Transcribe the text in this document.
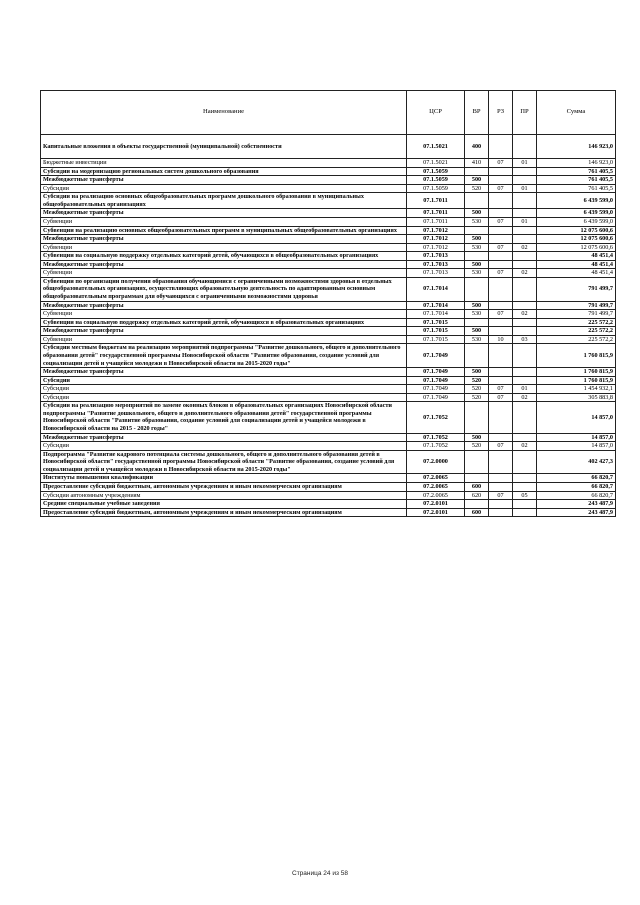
Наименование	ЦСР	ВР	РЗ	ПР	Сумма
Капитальные вложения в объекты государственной (муниципальной) собственности	07.1.5021	400			146 923,0
Бюджетные инвестиции	07.1.5021	410	07	01	146 923,0
Субсидии на модернизацию региональных систем дошкольного образования	07.1.5059				761 405,5
Межбюджетные трансферты	07.1.5059	500			761 405,5
Субсидии	07.1.5059	520	07	01	761 405,5
Субсидии на реализацию основных общеобразовательных программ дошкольного образования в муниципальных общеобразовательных организациях	07.1.7011				6 439 599,0
Межбюджетные трансферты	07.1.7011	500			6 439 599,0
Субвенции	07.1.7011	530	07	01	6 439 599,0
Субвенции на реализацию основных общеобразовательных программ в муниципальных общеобразовательных организациях	07.1.7012				12 075 600,6
Межбюджетные трансферты	07.1.7012	500			12 075 600,6
Субвенции	07.1.7012	530	07	02	12 075 600,6
Субвенции на социальную поддержку отдельных категорий детей, обучающихся в общеобразовательных организациях	07.1.7013				48 451,4
Межбюджетные трансферты	07.1.7013	500			48 451,4
Субвенции	07.1.7013	530	07	02	48 451,4
Субвенции по организации получения образования обучающимися с ограниченными возможностями здоровья в отдельных общеобразовательных организациях, осуществляющих образовательную деятельность по адаптированным основным общеобразовательным программам для обучающихся с ограниченными возможностями здоровья	07.1.7014				791 499,7
Межбюджетные трансферты	07.1.7014	500			791 499,7
Субвенции	07.1.7014	530	07	02	791 499,7
Субвенции на социальную поддержку отдельных категорий детей, обучающихся в образовательных организациях	07.1.7015				225 572,2
Межбюджетные трансферты	07.1.7015	500			225 572,2
Субвенции	07.1.7015	530	10	03	225 572,2
Субсидии местным бюджетам на реализацию мероприятий подпрограммы "Развитие дошкольного, общего и дополнительного образования детей" государственной программы Новосибирской области "Развитие образования, создание условий для социализации детей и учащейся молодежи в Новосибирской области на 2015-2020 годы"	07.1.7049				1 760 815,9
Межбюджетные трансферты	07.1.7049	500			1 760 815,9
Субсидии	07.1.7049	520			1 760 815,9
Субсидии	07.1.7049	520	07	01	1 454 932,1
Субсидии	07.1.7049	520	07	02	305 883,8
Субсидии на реализацию мероприятий по замене оконных блоков в образовательных организациях Новосибирской области подпрограммы "Развитие дошкольного, общего и дополнительного образования детей" государственной программы Новосибирской области "Развитие образования, создание условий для социализации детей и учащейся молодежи в Новосибирской области на 2015 - 2020 годы"	07.1.7052				14 857,0
Межбюджетные трансферты	07.1.7052	500			14 857,0
Субсидии	07.1.7052	520	07	02	14 857,0
Подпрограмма "Развитие кадрового потенциала системы дошкольного, общего и дополнительного образования детей в Новосибирской области" государственной программы Новосибирской области "Развитие образования, создание условий для социализации детей и учащейся молодежи в Новосибирской области на 2015-2020 годы"	07.2.0000				402 427,3
Институты повышения квалификации	07.2.0065				66 820,7
Предоставление субсидий бюджетным, автономным учреждениям и иным некоммерческим организациям	07.2.0065	600			66 820,7
Субсидии автономным учреждениям	07.2.0065	620	07	05	66 820,7
Средние специальные учебные заведения	07.2.0101				243 487,9
Предоставление субсидий бюджетным, автономным учреждениям и иным некоммерческим организациям	07.2.0101	600			243 487,9
Страница 24 из 58
